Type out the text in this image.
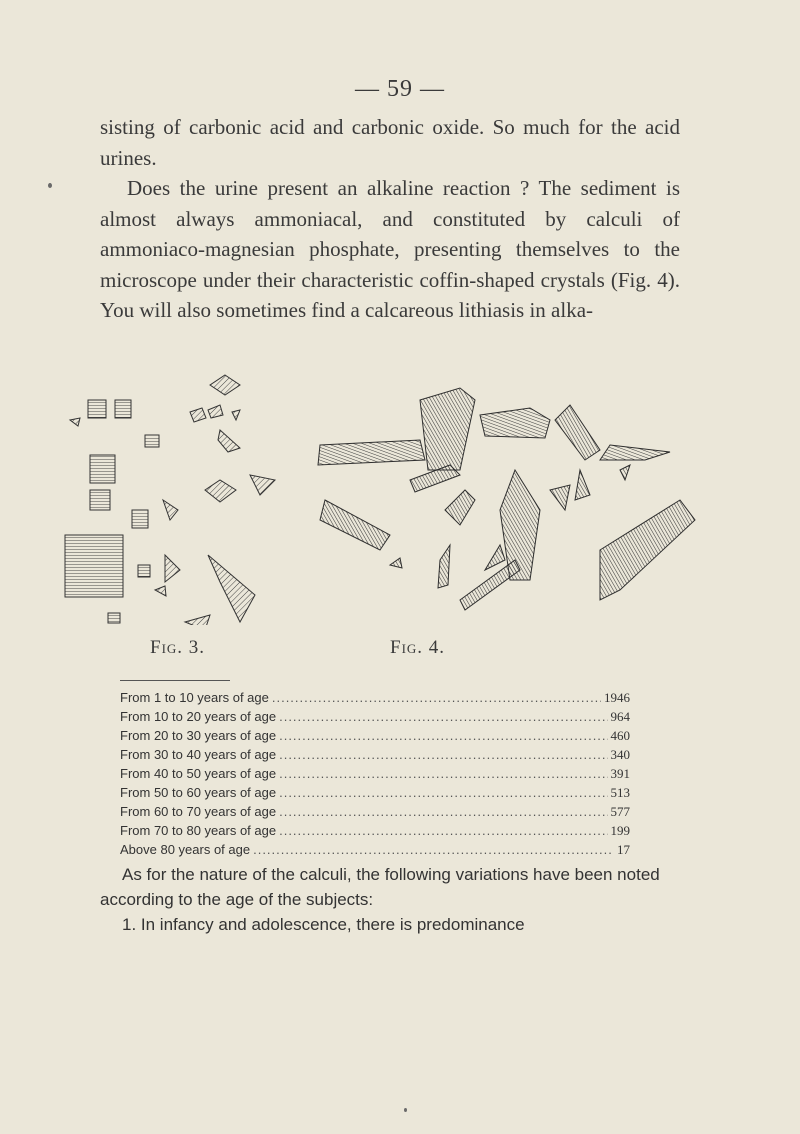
— 59 —

sisting of carbonic acid and carbonic oxide. So much for the acid urines.

Does the urine present an alkaline reaction ? The sediment is almost always ammoniacal, and constituted by calculi of ammoniaco-magnesian phosphate, presenting themselves to the microscope under their characteristic coffin-shaped crystals (Fig. 4). You will also sometimes find a calcareous lithiasis in alka-

Fig. 3.	Fig. 4.
From 1 to 10 years of age .....	1946
From 10 to 20 years of age .....	964
From 20 to 30 years of age .....	460
From 30 to 40 years of age .....	340
From 40 to 50 years of age .....	391
From 50 to 60 years of age .....	513
From 60 to 70 years of age .....	577
From 70 to 80 years of age .....	199
Above 80 years of age .....	17

As for the nature of the calculi, the following variations have been noted according to the age of the subjects:

1. In infancy and adolescence, there is predominance
